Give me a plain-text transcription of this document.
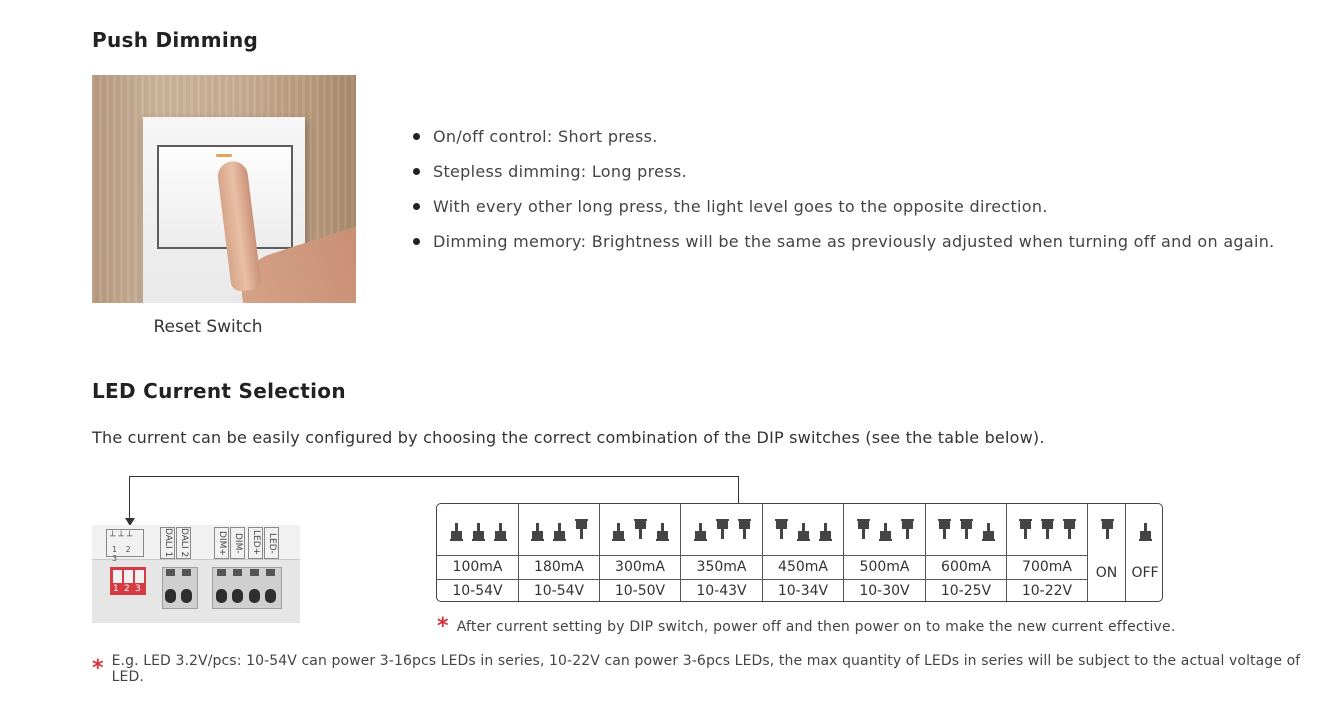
Push Dimming
Reset Switch
On/off control: Short press.
Stepless dimming: Long press.
With every other long press, the light level goes to the opposite direction.
Dimming memory: Brightness will be the same as previously adjusted when turning off and on again.
LED Current Selection
The current can be easily configured by choosing the correct combination of the DIP switches (see the table below).
┴┴┴
1 2 3
DALI 1 DALI 2	DIM+ DIM- LED+ LED-
1 2 3
100mA
10-54V
180mA
10-54V
300mA
10-50V
350mA
10-43V
450mA
10-34V
500mA
10-30V
600mA
10-25V
700mA
10-22V
ON	OFF
* After current setting by DIP switch, power off and then power on to make the new current effective.
* E.g. LED 3.2V/pcs: 10-54V can power 3-16pcs LEDs in series, 10-22V can power 3-6pcs LEDs, the max quantity of LEDs in series will be subject to the actual voltage of LED.
